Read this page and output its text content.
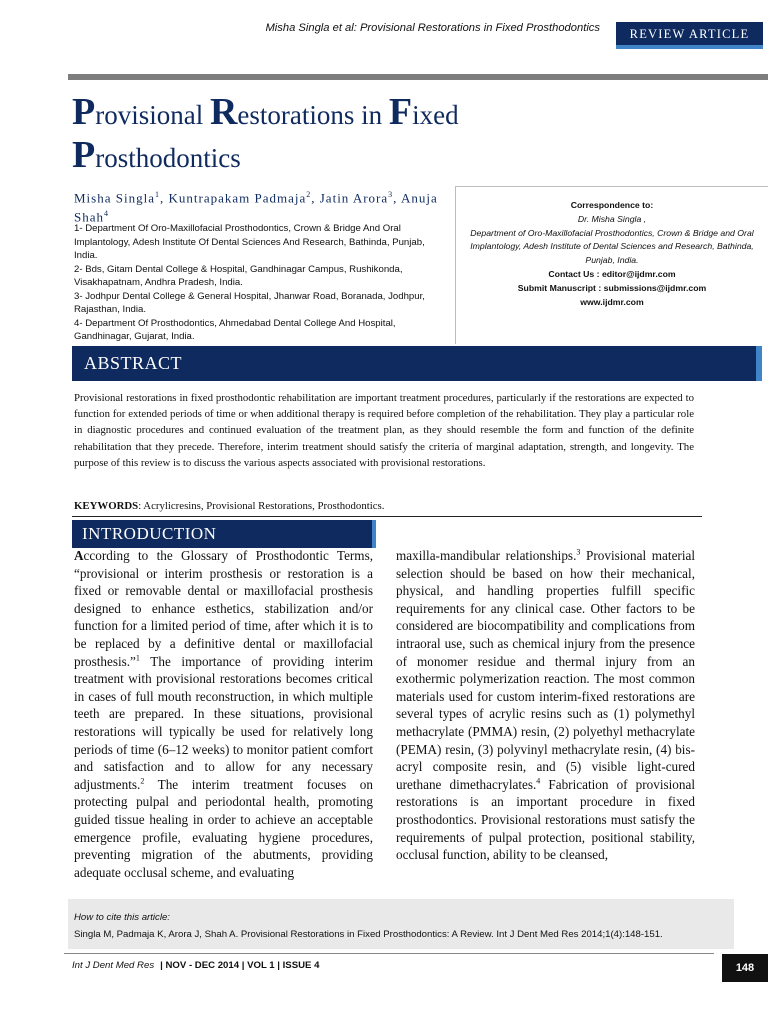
Misha Singla et al: Provisional Restorations in Fixed Prosthodontics	REVIEW ARTICLE
Provisional Restorations in Fixed
Prosthodontics
Misha Singla$^1$, Kuntrapakam Padmaja$^2$, Jatin Arora$^3$, Anuja Shah$^4$
1- Department Of Oro-Maxillofacial Prosthodontics, Crown & Bridge And Oral Implantology, Adesh Institute Of Dental Sciences And Research, Bathinda, Punjab, India.
2- Bds, Gitam Dental College & Hospital, Gandhinagar Campus, Rushikonda, Visakhapatnam, Andhra Pradesh, India.
3- Jodhpur Dental College & General Hospital, Jhanwar Road, Boranada, Jodhpur, Rajasthan, India.
4- Department Of Prosthodontics, Ahmedabad Dental College And Hospital, Gandhinagar, Gujarat, India.
Correspondence to:
Dr. Misha Singla ,
Department of Oro-Maxillofacial Prosthodontics, Crown & Bridge and Oral Implantology, Adesh Institute of Dental Sciences and Research, Bathinda, Punjab, India.
Contact Us : editor@ijdmr.com
Submit Manuscript : submissions@ijdmr.com
www.ijdmr.com
ABSTRACT
Provisional restorations in fixed prosthodontic rehabilitation are important treatment procedures, particularly if the restorations are expected to function for extended periods of time or when additional therapy is required before completion of the rehabilitation. They play a particular role in diagnostic procedures and continued evaluation of the treatment plan, as they should resemble the form and function of the definite rehabilitation that they precede. Therefore, interim treatment should satisfy the criteria of marginal adaptation, strength, and longevity. The purpose of this review is to discuss the various aspects associated with provisional restorations.
KEYWORDS: Acrylicresins, Provisional Restorations, Prosthodontics.
INTRODUCTION

According to the Glossary of Prosthodontic Terms, “provisional or interim prosthesis or restoration is a fixed or removable dental or maxillofacial prosthesis designed to enhance esthetics, stabilization and/or function for a limited period of time, after which it is to be replaced by a definitive dental or maxillofacial prosthesis.”$^1$ The importance of providing interim treatment with provisional restorations becomes critical in cases of full mouth reconstruction, in which multiple teeth are prepared. In these situations, provisional restorations will typically be used for relatively long periods of time (6–12 weeks) to monitor patient comfort and satisfaction and to allow for any necessary adjustments.$^2$ The interim treatment focuses on protecting pulpal and periodontal health, promoting guided tissue healing in order to achieve an acceptable emergence profile, evaluating hygiene procedures, preventing migration of the abutments, providing adequate occlusal scheme, and evaluating

maxilla-mandibular relationships.$^3$ Provisional material selection should be based on how their mechanical, physical, and handling properties fulfill specific requirements for any clinical case. Other factors to be considered are biocompatibility and complications from intraoral use, such as chemical injury from the presence of monomer residue and thermal injury from an exothermic polymerization reaction. The most common materials used for custom interim-fixed restorations are several types of acrylic resins such as (1) polymethyl methacrylate (PMMA) resin, (2) polyethyl methacrylate (PEMA) resin, (3) polyvinyl methacrylate resin, (4) bis-acryl composite resin, and (5) visible light-cured urethane dimethacrylates.$^4$ Fabrication of provisional restorations is an important procedure in fixed prosthodontics. Provisional restorations must satisfy the requirements of pulpal protection, positional stability, occlusal function, ability to be cleansed,

How to cite this article:
Singla M, Padmaja K, Arora J, Shah A. Provisional Restorations in Fixed Prosthodontics: A Review. Int J Dent Med Res 2014;1(4):148-151.
Int J Dent Med Res | NOV - DEC 2014 | VOL 1 | ISSUE 4	148
